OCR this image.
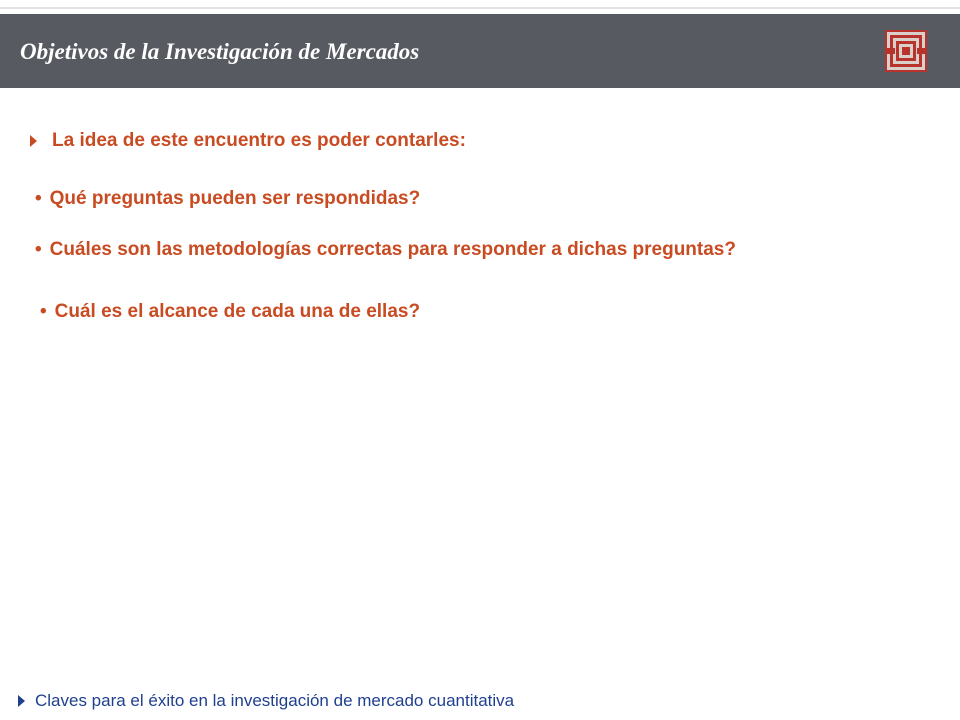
Objetivos de la Investigación de Mercados
La idea de este encuentro es poder contarles:
• Qué preguntas pueden ser respondidas?
• Cuáles son las metodologías correctas para responder a dichas preguntas?
• Cuál es el alcance de cada una de ellas?
Claves para el éxito en la investigación de mercado cuantitativa
